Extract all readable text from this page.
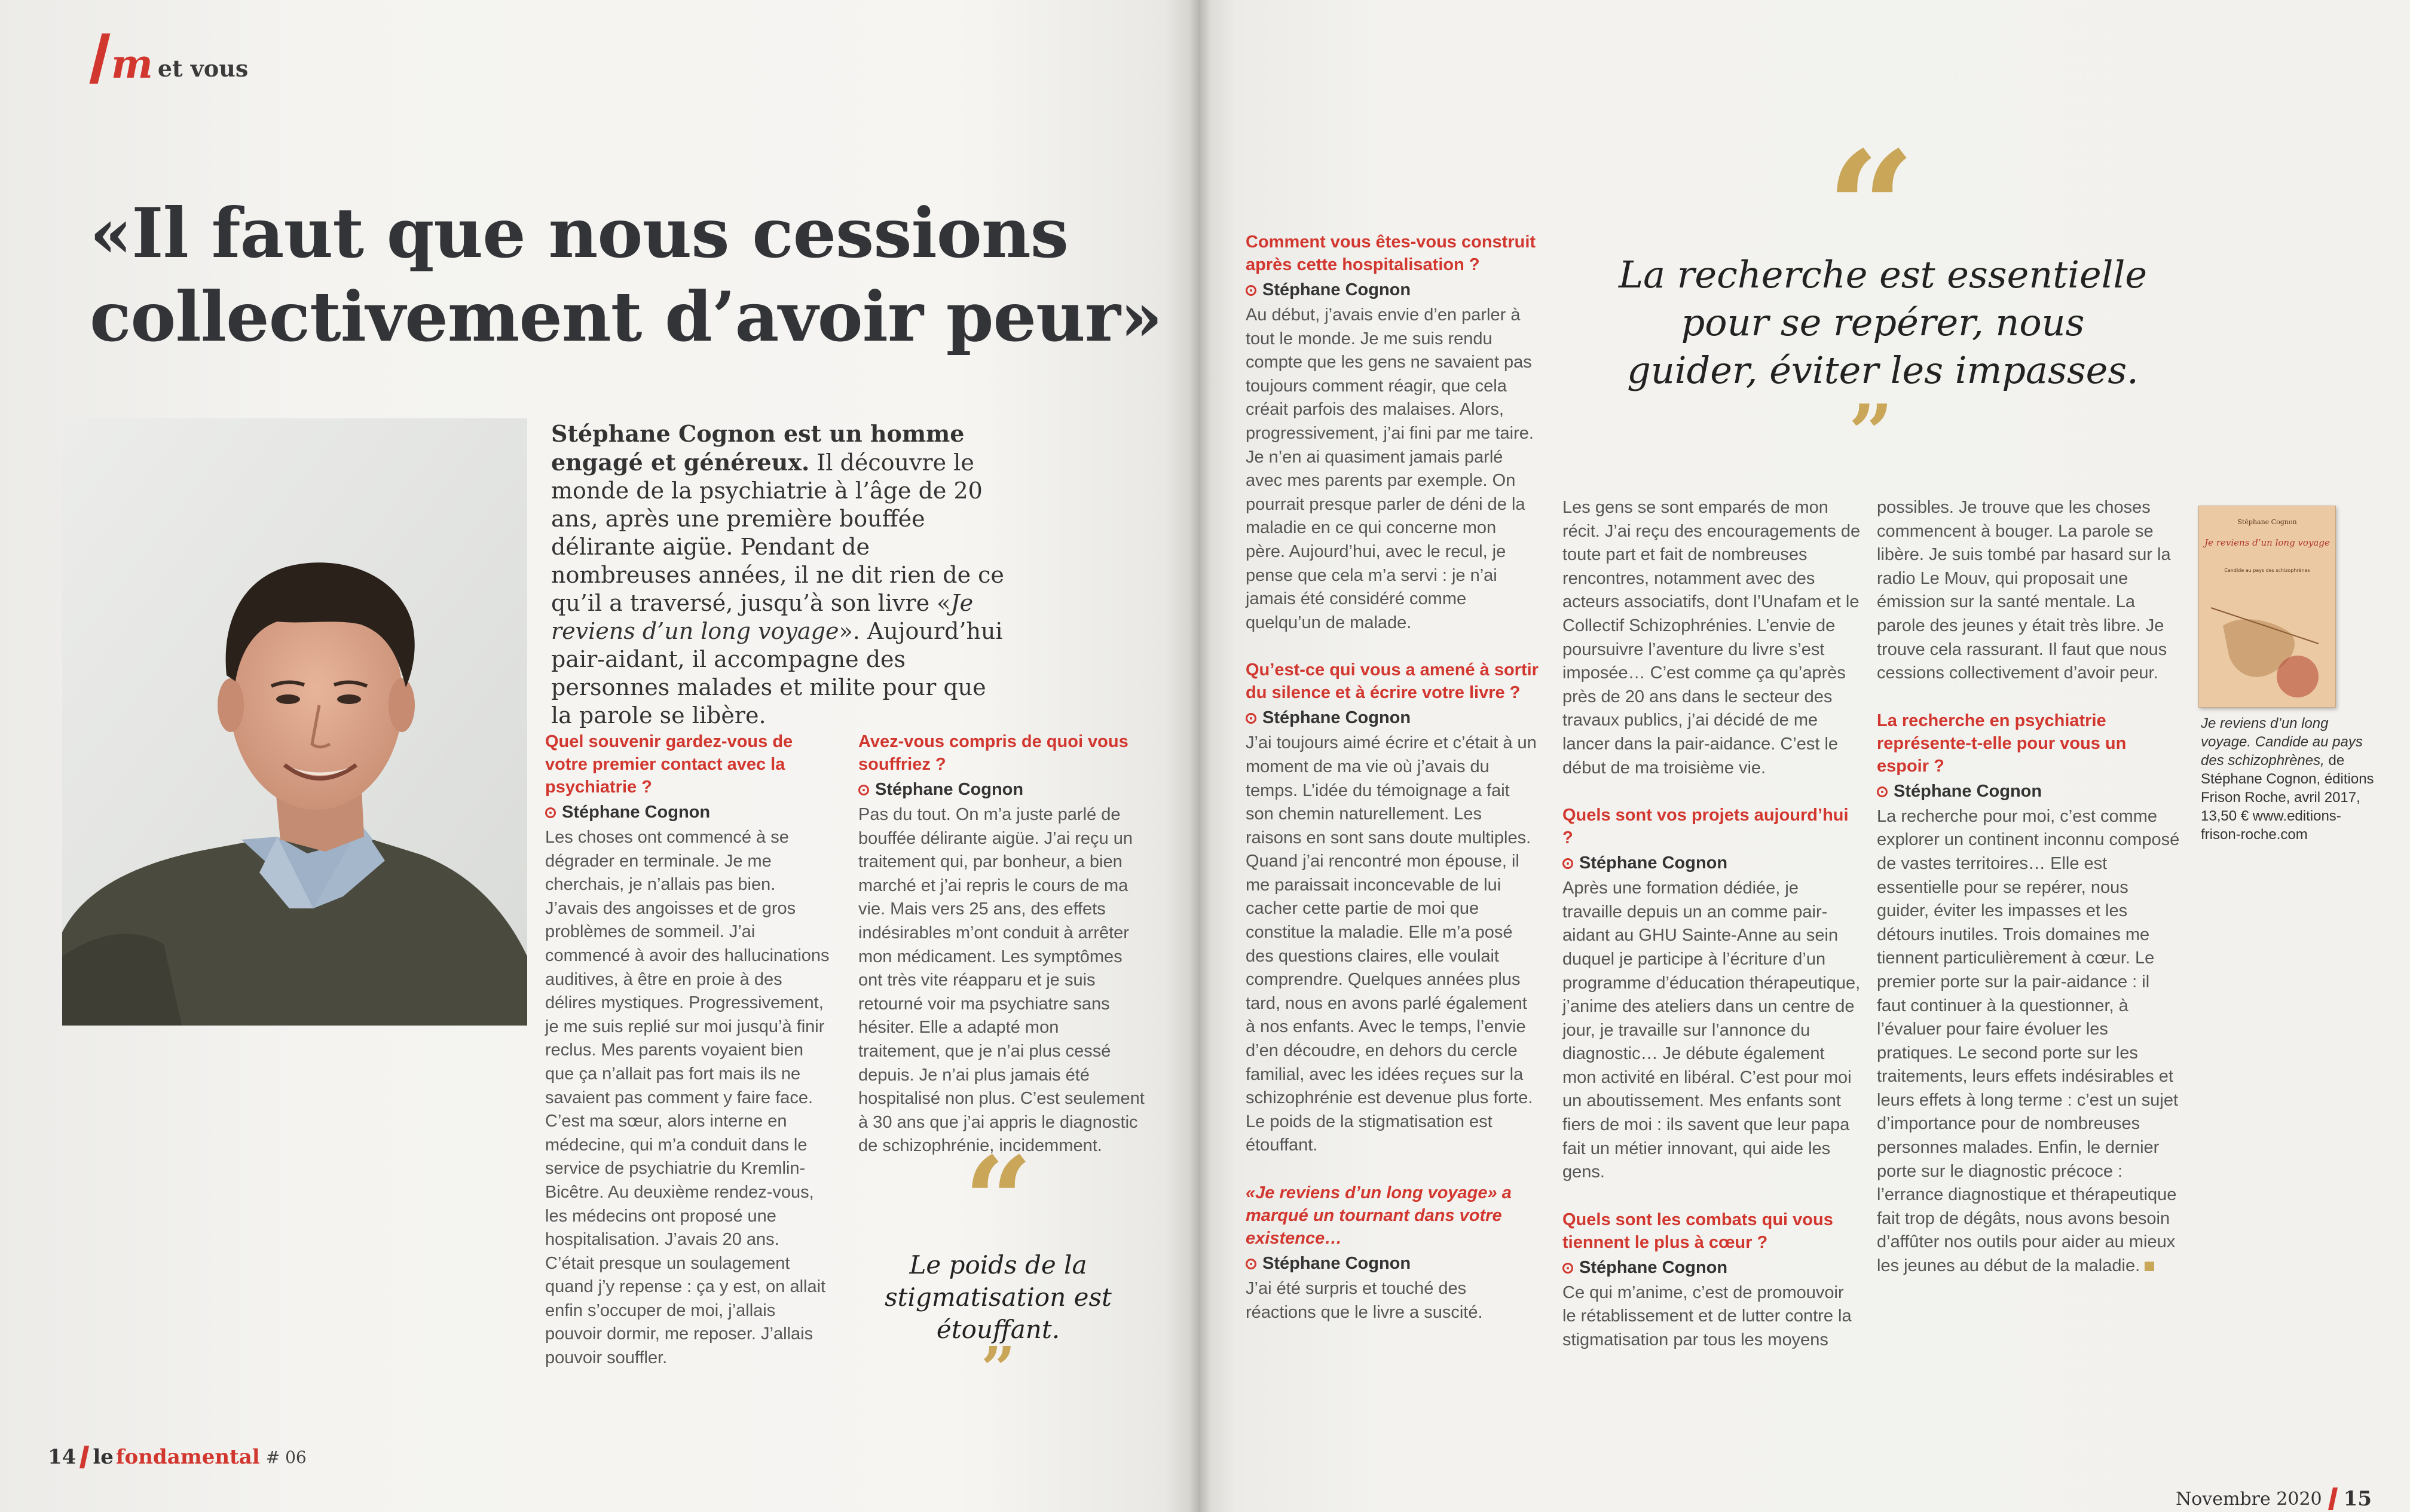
m et vous
«Il faut que nous cessions collectivement d’avoir peur»
Stéphane Cognon est un homme engagé et généreux. Il découvre le monde de la psychiatrie à l’âge de 20 ans, après une première bouffée délirante aigüe. Pendant de nombreuses années, il ne dit rien de ce qu’il a traversé, jusqu’à son livre «Je reviens d’un long voyage». Aujourd’hui pair-aidant, il accompagne des personnes malades et milite pour que la parole se libère.
Quel souvenir gardez-vous de votre premier contact avec la psychiatrie ?
Stéphane Cognon
Les choses ont commencé à se dégrader en terminale. Je me cherchais, je n’allais pas bien. J’avais des angoisses et de gros problèmes de sommeil. J’ai commencé à avoir des hallucinations auditives, à être en proie à des délires mystiques. Progressivement, je me suis replié sur moi jusqu’à finir reclus. Mes parents voyaient bien que ça n’allait pas fort mais ils ne savaient pas comment y faire face. C’est ma sœur, alors interne en médecine, qui m’a conduit dans le service de psychiatrie du Kremlin-Bicêtre. Au deuxième rendez-vous, les médecins ont proposé une hospitalisation. J’avais 20 ans. C’était presque un soulagement quand j’y repense : ça y est, on allait enfin s’occuper de moi, j’allais pouvoir dormir, me reposer. J’allais pouvoir souffler.
Avez-vous compris de quoi vous souffriez ?
Stéphane Cognon
Pas du tout. On m’a juste parlé de bouffée délirante aigüe. J’ai reçu un traitement qui, par bonheur, a bien marché et j’ai repris le cours de ma vie. Mais vers 25 ans, des effets indésirables m’ont conduit à arrêter mon médicament. Les symptômes ont très vite réapparu et je suis retourné voir ma psychiatre sans hésiter. Elle a adapté mon traitement, que je n’ai plus cessé depuis. Je n’ai plus jamais été hospitalisé non plus. C’est seulement à 30 ans que j’ai appris le diagnostic de schizophrénie, incidemment.
“
Le poids de la stigmatisation est étouffant.
”
14 le fonda mental # 06
Comment vous êtes-vous construit après cette hospitalisation ?
Stéphane Cognon
Au début, j’avais envie d’en parler à tout le monde. Je me suis rendu compte que les gens ne savaient pas toujours comment réagir, que cela créait parfois des malaises. Alors, progressivement, j’ai fini par me taire. Je n’en ai quasiment jamais parlé avec mes parents par exemple. On pourrait presque parler de déni de la maladie en ce qui concerne mon père. Aujourd’hui, avec le recul, je pense que cela m’a servi : je n’ai jamais été considéré comme quelqu’un de malade.
Qu’est-ce qui vous a amené à sortir du silence et à écrire votre livre ?
Stéphane Cognon
J’ai toujours aimé écrire et c’était à un moment de ma vie où j’avais du temps. L’idée du témoignage a fait son chemin naturellement. Les raisons en sont sans doute multiples. Quand j’ai rencontré mon épouse, il me paraissait inconcevable de lui cacher cette partie de moi que constitue la maladie. Elle m’a posé des questions claires, elle voulait comprendre. Quelques années plus tard, nous en avons parlé également à nos enfants. Avec le temps, l’envie d’en découdre, en dehors du cercle familial, avec les idées reçues sur la schizophrénie est devenue plus forte. Le poids de la stigmatisation est étouffant.
«Je reviens d’un long voyage» a marqué un tournant dans votre existence…
Stéphane Cognon
J’ai été surpris et touché des réactions que le livre a suscité.
“
La recherche est essentielle pour se repérer, nous guider, éviter les impasses.
”
Les gens se sont emparés de mon récit. J’ai reçu des encouragements de toute part et fait de nombreuses rencontres, notamment avec des acteurs associatifs, dont l’Unafam et le Collectif Schizophrénies. L’envie de poursuivre l’aventure du livre s’est imposée… C’est comme ça qu’après près de 20 ans dans le secteur des travaux publics, j’ai décidé de me lancer dans la pair-aidance. C’est le début de ma troisième vie.
Quels sont vos projets aujourd’hui ?
Stéphane Cognon
Après une formation dédiée, je travaille depuis un an comme pair-aidant au GHU Sainte-Anne au sein duquel je participe à l’écriture d’un programme d’éducation thérapeutique, j’anime des ateliers dans un centre de jour, je travaille sur l’annonce du diagnostic… Je débute également mon activité en libéral. C’est pour moi un aboutissement. Mes enfants sont fiers de moi : ils savent que leur papa fait un métier innovant, qui aide les gens.
Quels sont les combats qui vous tiennent le plus à cœur ?
Stéphane Cognon
Ce qui m’anime, c’est de promouvoir le rétablissement et de lutter contre la stigmatisation par tous les moyens
possibles. Je trouve que les choses commencent à bouger. La parole se libère. Je suis tombé par hasard sur la radio Le Mouv, qui proposait une émission sur la santé mentale. La parole des jeunes y était très libre. Je trouve cela rassurant. Il faut que nous cessions collectivement d’avoir peur.
La recherche en psychiatrie représente-t-elle pour vous un espoir ?
Stéphane Cognon
La recherche pour moi, c’est comme explorer un continent inconnu composé de vastes territoires… Elle est essentielle pour se repérer, nous guider, éviter les impasses et les détours inutiles. Trois domaines me tiennent particulièrement à cœur. Le premier porte sur la pair-aidance : il faut continuer à la questionner, à l’évaluer pour faire évoluer les pratiques. Le second porte sur les traitements, leurs effets indésirables et leurs effets à long terme : c’est un sujet d’importance pour de nombreuses personnes malades. Enfin, le dernier porte sur le diagnostic précoce : l’errance diagnostique et thérapeutique fait trop de dégâts, nous avons besoin d’affûter nos outils pour aider au mieux les jeunes au début de la maladie.
Stéphane Cognon
Je reviens d’un long voyage
Candide au pays des schizophrènes
Je reviens d’un long voyage. Candide au pays des schizophrènes, de Stéphane Cognon, éditions Frison Roche, avril 2017, 13,50 € www.editions-frison-roche.com
Novembre 2020 15
